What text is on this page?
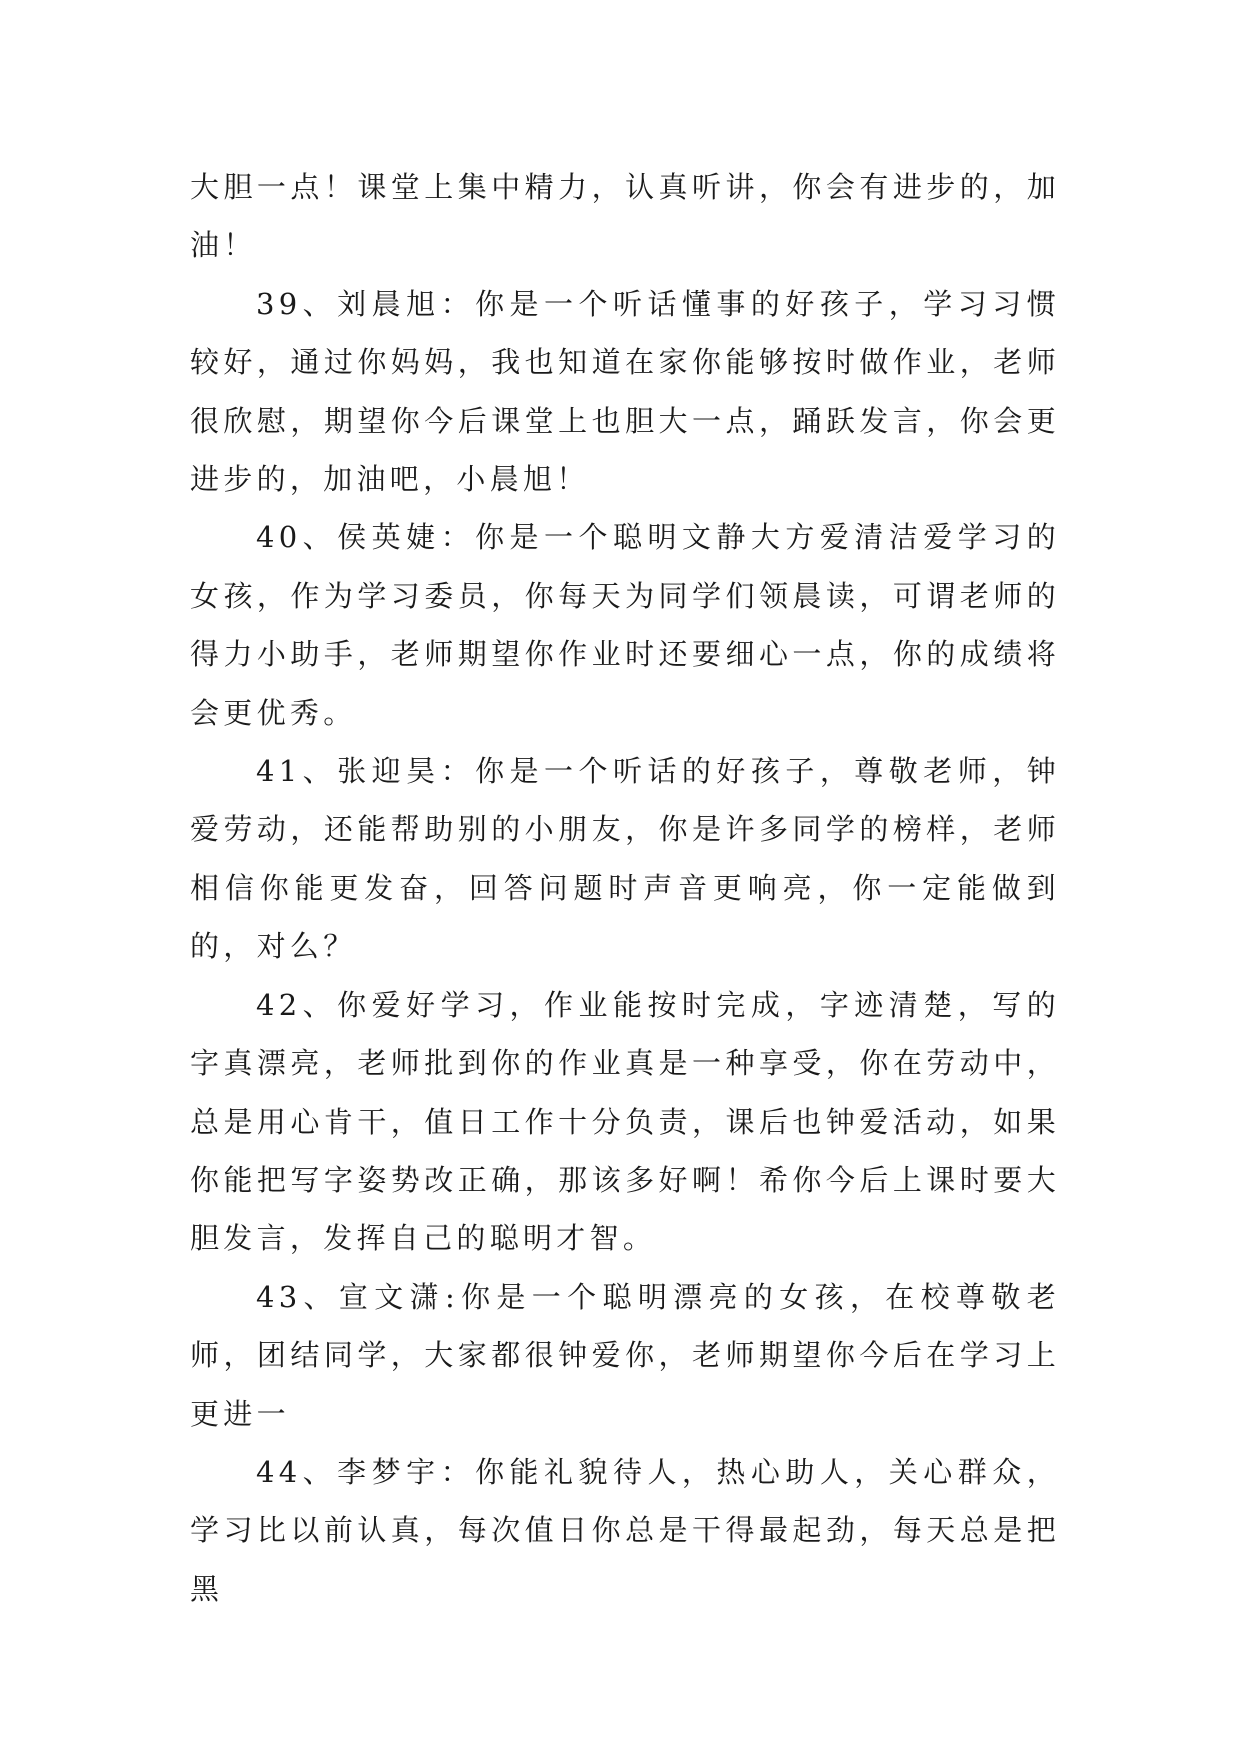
大胆一点！课堂上集中精力，认真听讲，你会有进步的，加油！

39、刘晨旭：你是一个听话懂事的好孩子，学习习惯较好，通过你妈妈，我也知道在家你能够按时做作业，老师很欣慰，期望你今后课堂上也胆大一点，踊跃发言，你会更进步的，加油吧，小晨旭！

40、侯英婕：你是一个聪明文静大方爱清洁爱学习的女孩，作为学习委员，你每天为同学们领晨读，可谓老师的得力小助手，老师期望你作业时还要细心一点，你的成绩将会更优秀。

41、张迎昊：你是一个听话的好孩子，尊敬老师，钟爱劳动，还能帮助别的小朋友，你是许多同学的榜样，老师相信你能更发奋，回答问题时声音更响亮，你一定能做到的，对么？

42、你爱好学习，作业能按时完成，字迹清楚，写的字真漂亮，老师批到你的作业真是一种享受，你在劳动中，总是用心肯干，值日工作十分负责，课后也钟爱活动，如果你能把写字姿势改正确，那该多好啊！希你今后上课时要大胆发言，发挥自己的聪明才智。

43、宣文潇:你是一个聪明漂亮的女孩，在校尊敬老师，团结同学，大家都很钟爱你，老师期望你今后在学习上更进一

44、李梦宇：你能礼貌待人，热心助人，关心群众，学习比以前认真，每次值日你总是干得最起劲，每天总是把黑
